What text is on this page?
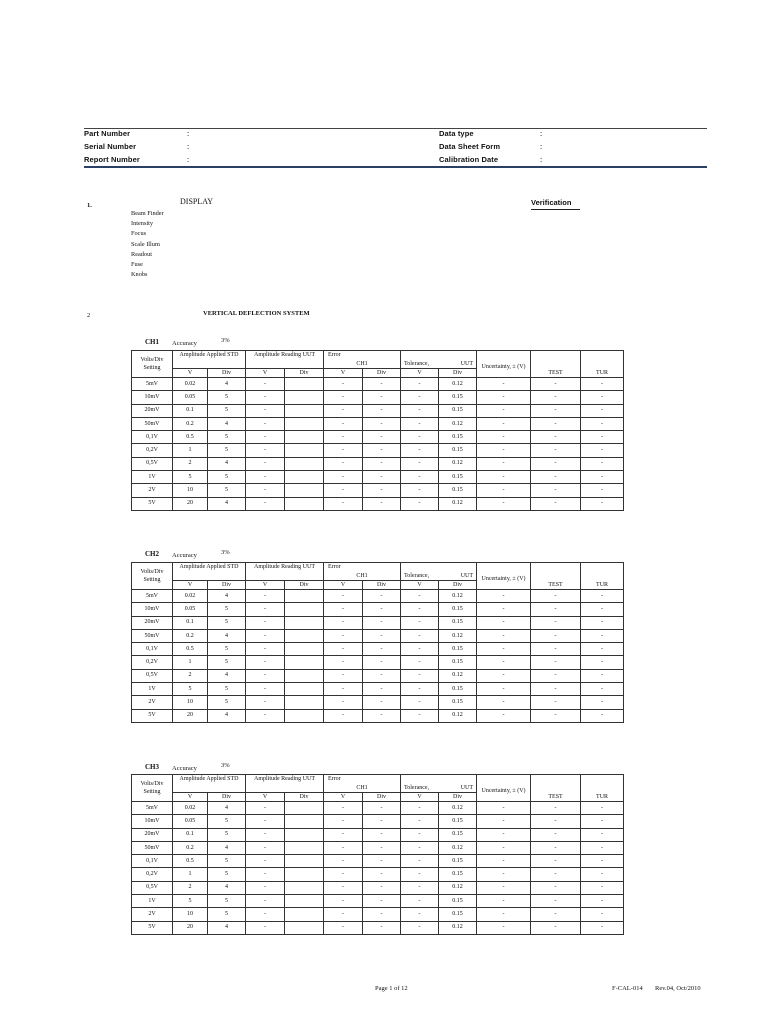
Part Number	:
Serial Number	:
Report Number	:
Data type	:
Data Sheet Form	:
Calibration Date	:
1.	DISPLAY	Verification
Beam Finder
Intensity
Focus
Scale Illum
Readout
Fuse
Knobs
2	VERTICAL DEFLECTION SYSTEM
CH1 Accuracy	3%
Volts/Div Setting	Amplitude Applied STD		Amplitude Reading UUT		Error
CH1		Tolerance, UUT		Uncertainty, ± (V)		
	V	Div	V	Div	V	Div	V	Div		TEST	TUR
5mV	0.02	4	-		-	-	-	0.12	-	-	-
10mV	0.05	5	-		-	-	-	0.15	-	-	-
20mV	0.1	5	-		-	-	-	0.15	-	-	-
50mV	0.2	4	-		-	-	-	0.12	-	-	-
0,1V	0.5	5	-		-	-	-	0.15	-	-	-
0,2V	1	5	-		-	-	-	0.15	-	-	-
0,5V	2	4	-		-	-	-	0.12	-	-	-
1V	5	5	-		-	-	-	0.15	-	-	-
2V	10	5	-		-	-	-	0.15	-	-	-
5V	20	4	-		-	-	-	0.12	-	-	-
CH2 Accuracy	3%
Volts/Div Setting	Amplitude Applied STD		Amplitude Reading UUT		Error
CH1		Tolerance, UUT		Uncertainty, ± (V)		
	V	Div	V	Div	V	Div	V	Div		TEST	TUR
5mV	0.02	4	-		-	-	-	0.12	-	-	-
10mV	0.05	5	-		-	-	-	0.15	-	-	-
20mV	0.1	5	-		-	-	-	0.15	-	-	-
50mV	0.2	4	-		-	-	-	0.12	-	-	-
0,1V	0.5	5	-		-	-	-	0.15	-	-	-
0,2V	1	5	-		-	-	-	0.15	-	-	-
0,5V	2	4	-		-	-	-	0.12	-	-	-
1V	5	5	-		-	-	-	0.15	-	-	-
2V	10	5	-		-	-	-	0.15	-	-	-
5V	20	4	-		-	-	-	0.12	-	-	-
CH3 Accuracy	3%
Volts/Div Setting	Amplitude Applied STD		Amplitude Reading UUT		Error
CH1		Tolerance, UUT		Uncertainty, ± (V)		
	V	Div	V	Div	V	Div	V	Div		TEST	TUR
5mV	0.02	4	-		-	-	-	0.12	-	-	-
10mV	0.05	5	-		-	-	-	0.15	-	-	-
20mV	0.1	5	-		-	-	-	0.15	-	-	-
50mV	0.2	4	-		-	-	-	0.12	-	-	-
0,1V	0.5	5	-		-	-	-	0.15	-	-	-
0,2V	1	5	-		-	-	-	0.15	-	-	-
0,5V	2	4	-		-	-	-	0.12	-	-	-
1V	5	5	-		-	-	-	0.15	-	-	-
2V	10	5	-		-	-	-	0.15	-	-	-
5V	20	4	-		-	-	-	0.12	-	-	-
Page 1 of 12	F-CAL-014 Rev.04, Oct/2010
